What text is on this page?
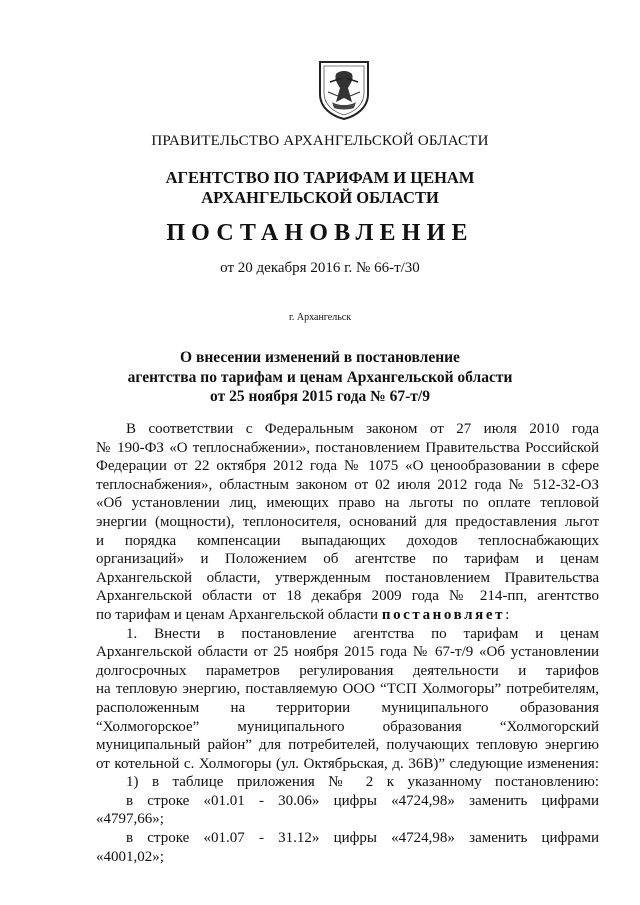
ПРАВИТЕЛЬСТВО АРХАНГЕЛЬСКОЙ ОБЛАСТИ
АГЕНТСТВО ПО ТАРИФАМ И ЦЕНАМ
АРХАНГЕЛЬСКОЙ ОБЛАСТИ
ПОСТАНОВЛЕНИЕ
от 20 декабря 2016 г. № 66-т/30
г. Архангельск
О внесении изменений в постановление
агентства по тарифам и ценам Архангельской области
от 25 ноября 2015 года № 67-т/9
В соответствии с Федеральным законом от 27 июля 2010 года
№ 190-ФЗ «О теплоснабжении», постановлением Правительства Российской
Федерации от 22 октября 2012 года № 1075 «О ценообразовании в сфере
теплоснабжения», областным законом от 02 июля 2012 года № 512-32-ОЗ
«Об установлении лиц, имеющих право на льготы по оплате тепловой
энергии (мощности), теплоносителя, оснований для предоставления льгот
и порядка компенсации выпадающих доходов теплоснабжающих
организаций» и Положением об агентстве по тарифам и ценам
Архангельской области, утвержденным постановлением Правительства
Архангельской области от 18 декабря 2009 года № 214-пп, агентство
по тарифам и ценам Архангельской области постановляет:
1. Внести в постановление агентства по тарифам и ценам
Архангельской области от 25 ноября 2015 года № 67-т/9 «Об установлении
долгосрочных параметров регулирования деятельности и тарифов
на тепловую энергию, поставляемую ООО “ТСП Холмогоры” потребителям,
расположенным на территории муниципального образования
“Холмогорское” муниципального образования “Холмогорский
муниципальный район” для потребителей, получающих тепловую энергию
от котельной с. Холмогоры (ул. Октябрьская, д. 36В)” следующие изменения:
1) в таблице приложения № 2 к указанному постановлению:
в строке «01.01 - 30.06» цифры «4724,98» заменить цифрами
«4797,66»;
в строке «01.07 - 31.12» цифры «4724,98» заменить цифрами
«4001,02»;
